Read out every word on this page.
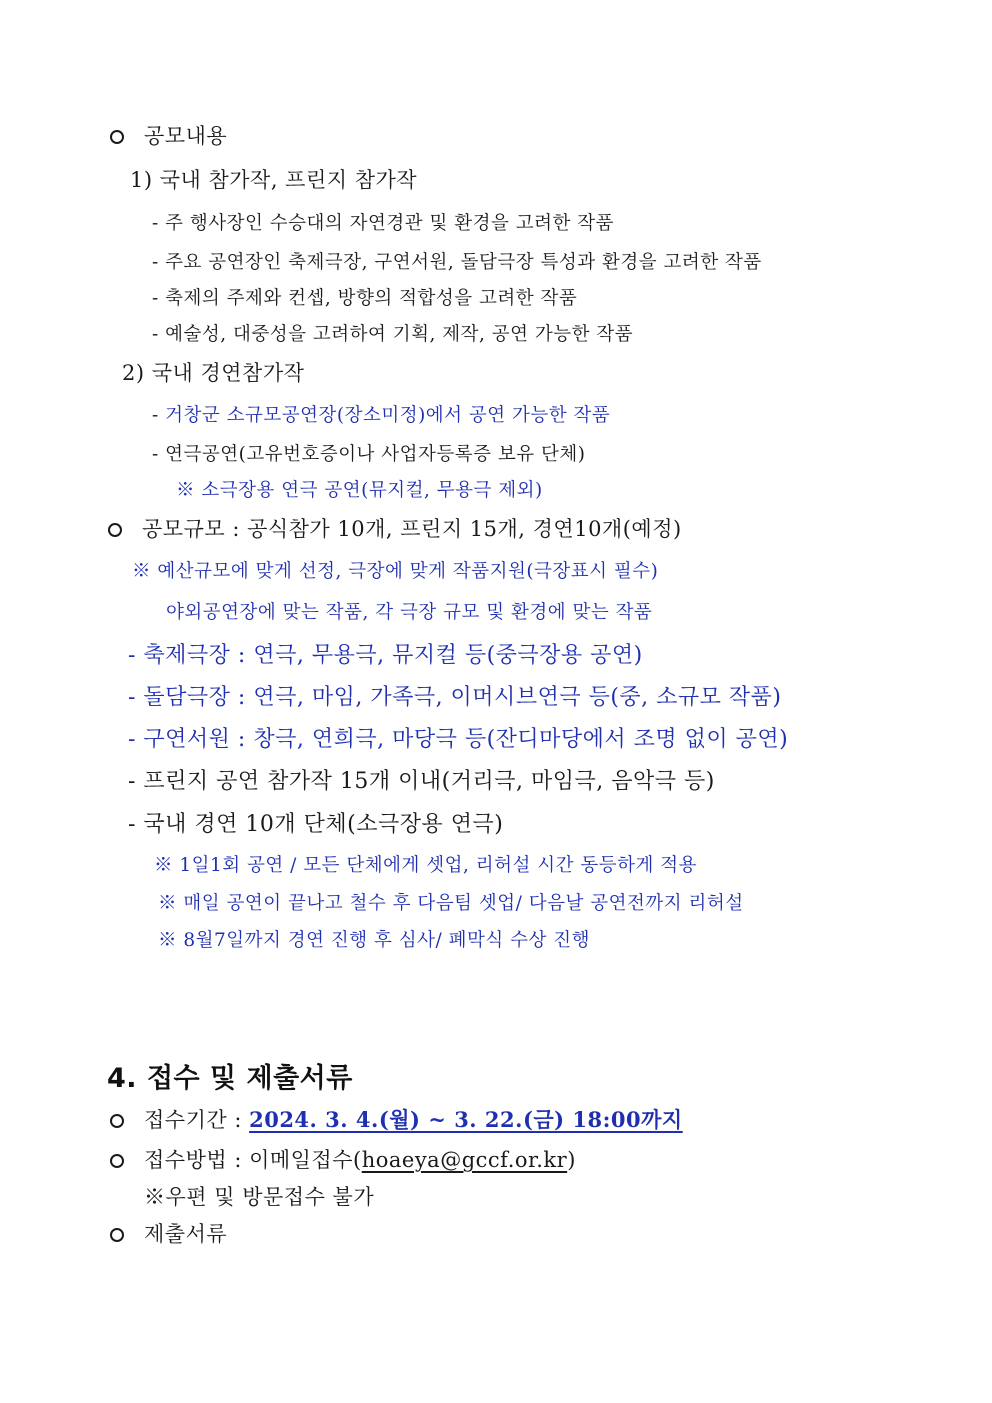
공모내용
1) 국내 참가작, 프린지 참가작
- 주 행사장인 수승대의 자연경관 및 환경을 고려한 작품
- 주요 공연장인 축제극장, 구연서원, 돌담극장 특성과 환경을 고려한 작품
- 축제의 주제와 컨셉, 방향의 적합성을 고려한 작품
- 예술성, 대중성을 고려하여 기획, 제작, 공연 가능한 작품
2) 국내 경연참가작
- 거창군 소규모공연장(장소미정)에서 공연 가능한 작품
- 연극공연(고유번호증이나 사업자등록증 보유 단체)
※ 소극장용 연극 공연(뮤지컬, 무용극 제외)
공모규모 : 공식참가 10개, 프린지 15개, 경연10개(예정)
※ 예산규모에 맞게 선정, 극장에 맞게 작품지원(극장표시 필수)
야외공연장에 맞는 작품, 각 극장 규모 및 환경에 맞는 작품
- 축제극장 : 연극, 무용극, 뮤지컬 등(중극장용 공연)
- 돌담극장 : 연극, 마임, 가족극, 이머시브연극 등(중, 소규모 작품)
- 구연서원 : 창극, 연희극, 마당극 등(잔디마당에서 조명 없이 공연)
- 프린지 공연 참가작 15개 이내(거리극, 마임극, 음악극 등)
- 국내 경연 10개 단체(소극장용 연극)
※ 1일1회 공연 / 모든 단체에게 셋업, 리허설 시간 동등하게 적용
※ 매일 공연이 끝나고 철수 후 다음팀 셋업/ 다음날 공연전까지 리허설
※ 8월7일까지 경연 진행 후 심사/ 폐막식 수상 진행
4. 접수 및 제출서류
접수기간 : 2024. 3. 4.(월) ~ 3. 22.(금) 18:00까지
접수방법 : 이메일접수(hoaeya@gccf.or.kr)
※우편 및 방문접수 불가
제출서류
